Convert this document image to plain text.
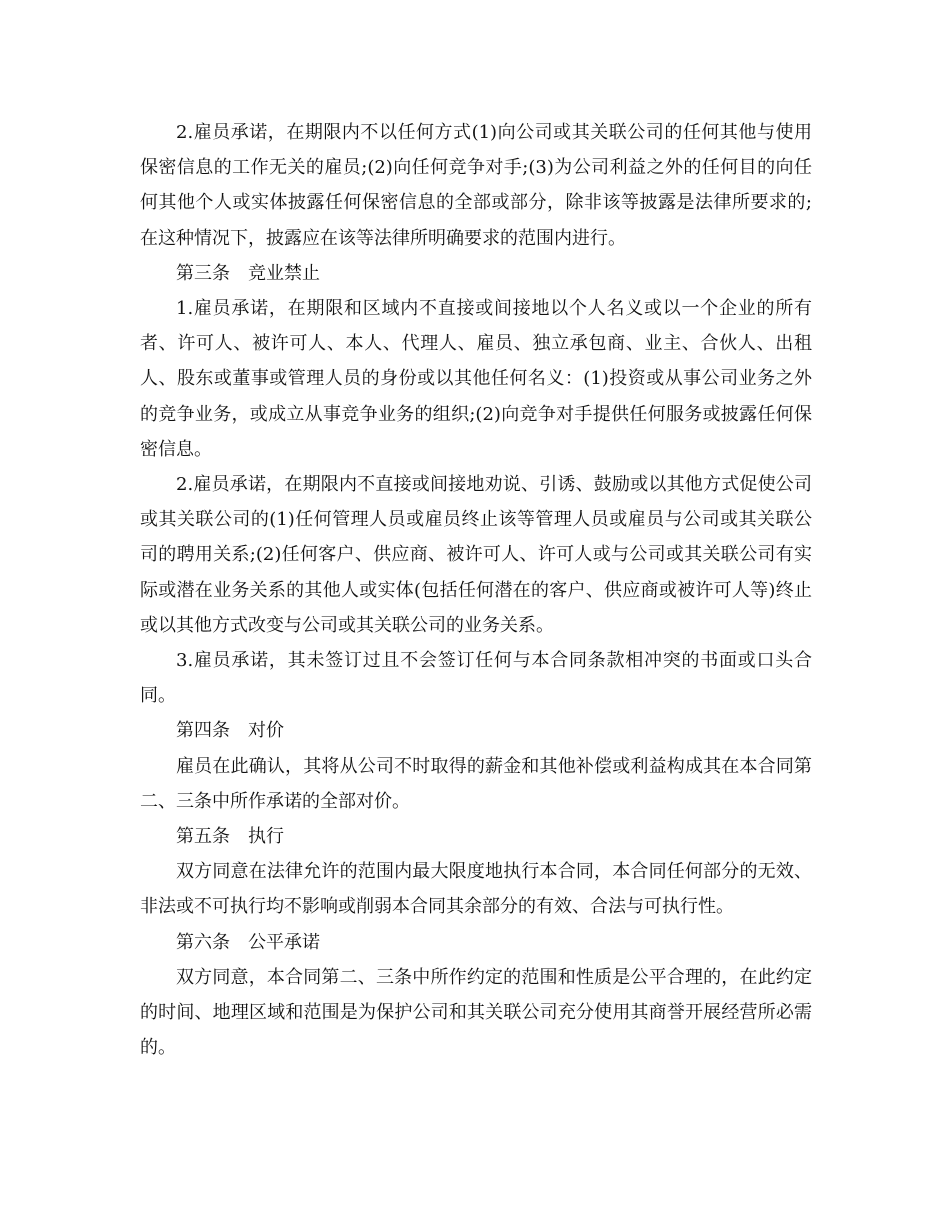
2.雇员承诺，在期限内不以任何方式(1)向公司或其关联公司的任何其他与使用保密信息的工作无关的雇员;(2)向任何竞争对手;(3)为公司利益之外的任何目的向任何其他个人或实体披露任何保密信息的全部或部分，除非该等披露是法律所要求的;在这种情况下，披露应在该等法律所明确要求的范围内进行。

第三条　竞业禁止

1.雇员承诺，在期限和区域内不直接或间接地以个人名义或以一个企业的所有者、许可人、被许可人、本人、代理人、雇员、独立承包商、业主、合伙人、出租人、股东或董事或管理人员的身份或以其他任何名义：(1)投资或从事公司业务之外的竞争业务，或成立从事竞争业务的组织;(2)向竞争对手提供任何服务或披露任何保密信息。

2.雇员承诺，在期限内不直接或间接地劝说、引诱、鼓励或以其他方式促使公司或其关联公司的(1)任何管理人员或雇员终止该等管理人员或雇员与公司或其关联公司的聘用关系;(2)任何客户、供应商、被许可人、许可人或与公司或其关联公司有实际或潜在业务关系的其他人或实体(包括任何潜在的客户、供应商或被许可人等)终止或以其他方式改变与公司或其关联公司的业务关系。

3.雇员承诺，其未签订过且不会签订任何与本合同条款相冲突的书面或口头合同。

第四条　对价

雇员在此确认，其将从公司不时取得的薪金和其他补偿或利益构成其在本合同第二、三条中所作承诺的全部对价。

第五条　执行

双方同意在法律允许的范围内最大限度地执行本合同，本合同任何部分的无效、非法或不可执行均不影响或削弱本合同其余部分的有效、合法与可执行性。

第六条　公平承诺

双方同意，本合同第二、三条中所作约定的范围和性质是公平合理的，在此约定的时间、地理区域和范围是为保护公司和其关联公司充分使用其商誉开展经营所必需的。
